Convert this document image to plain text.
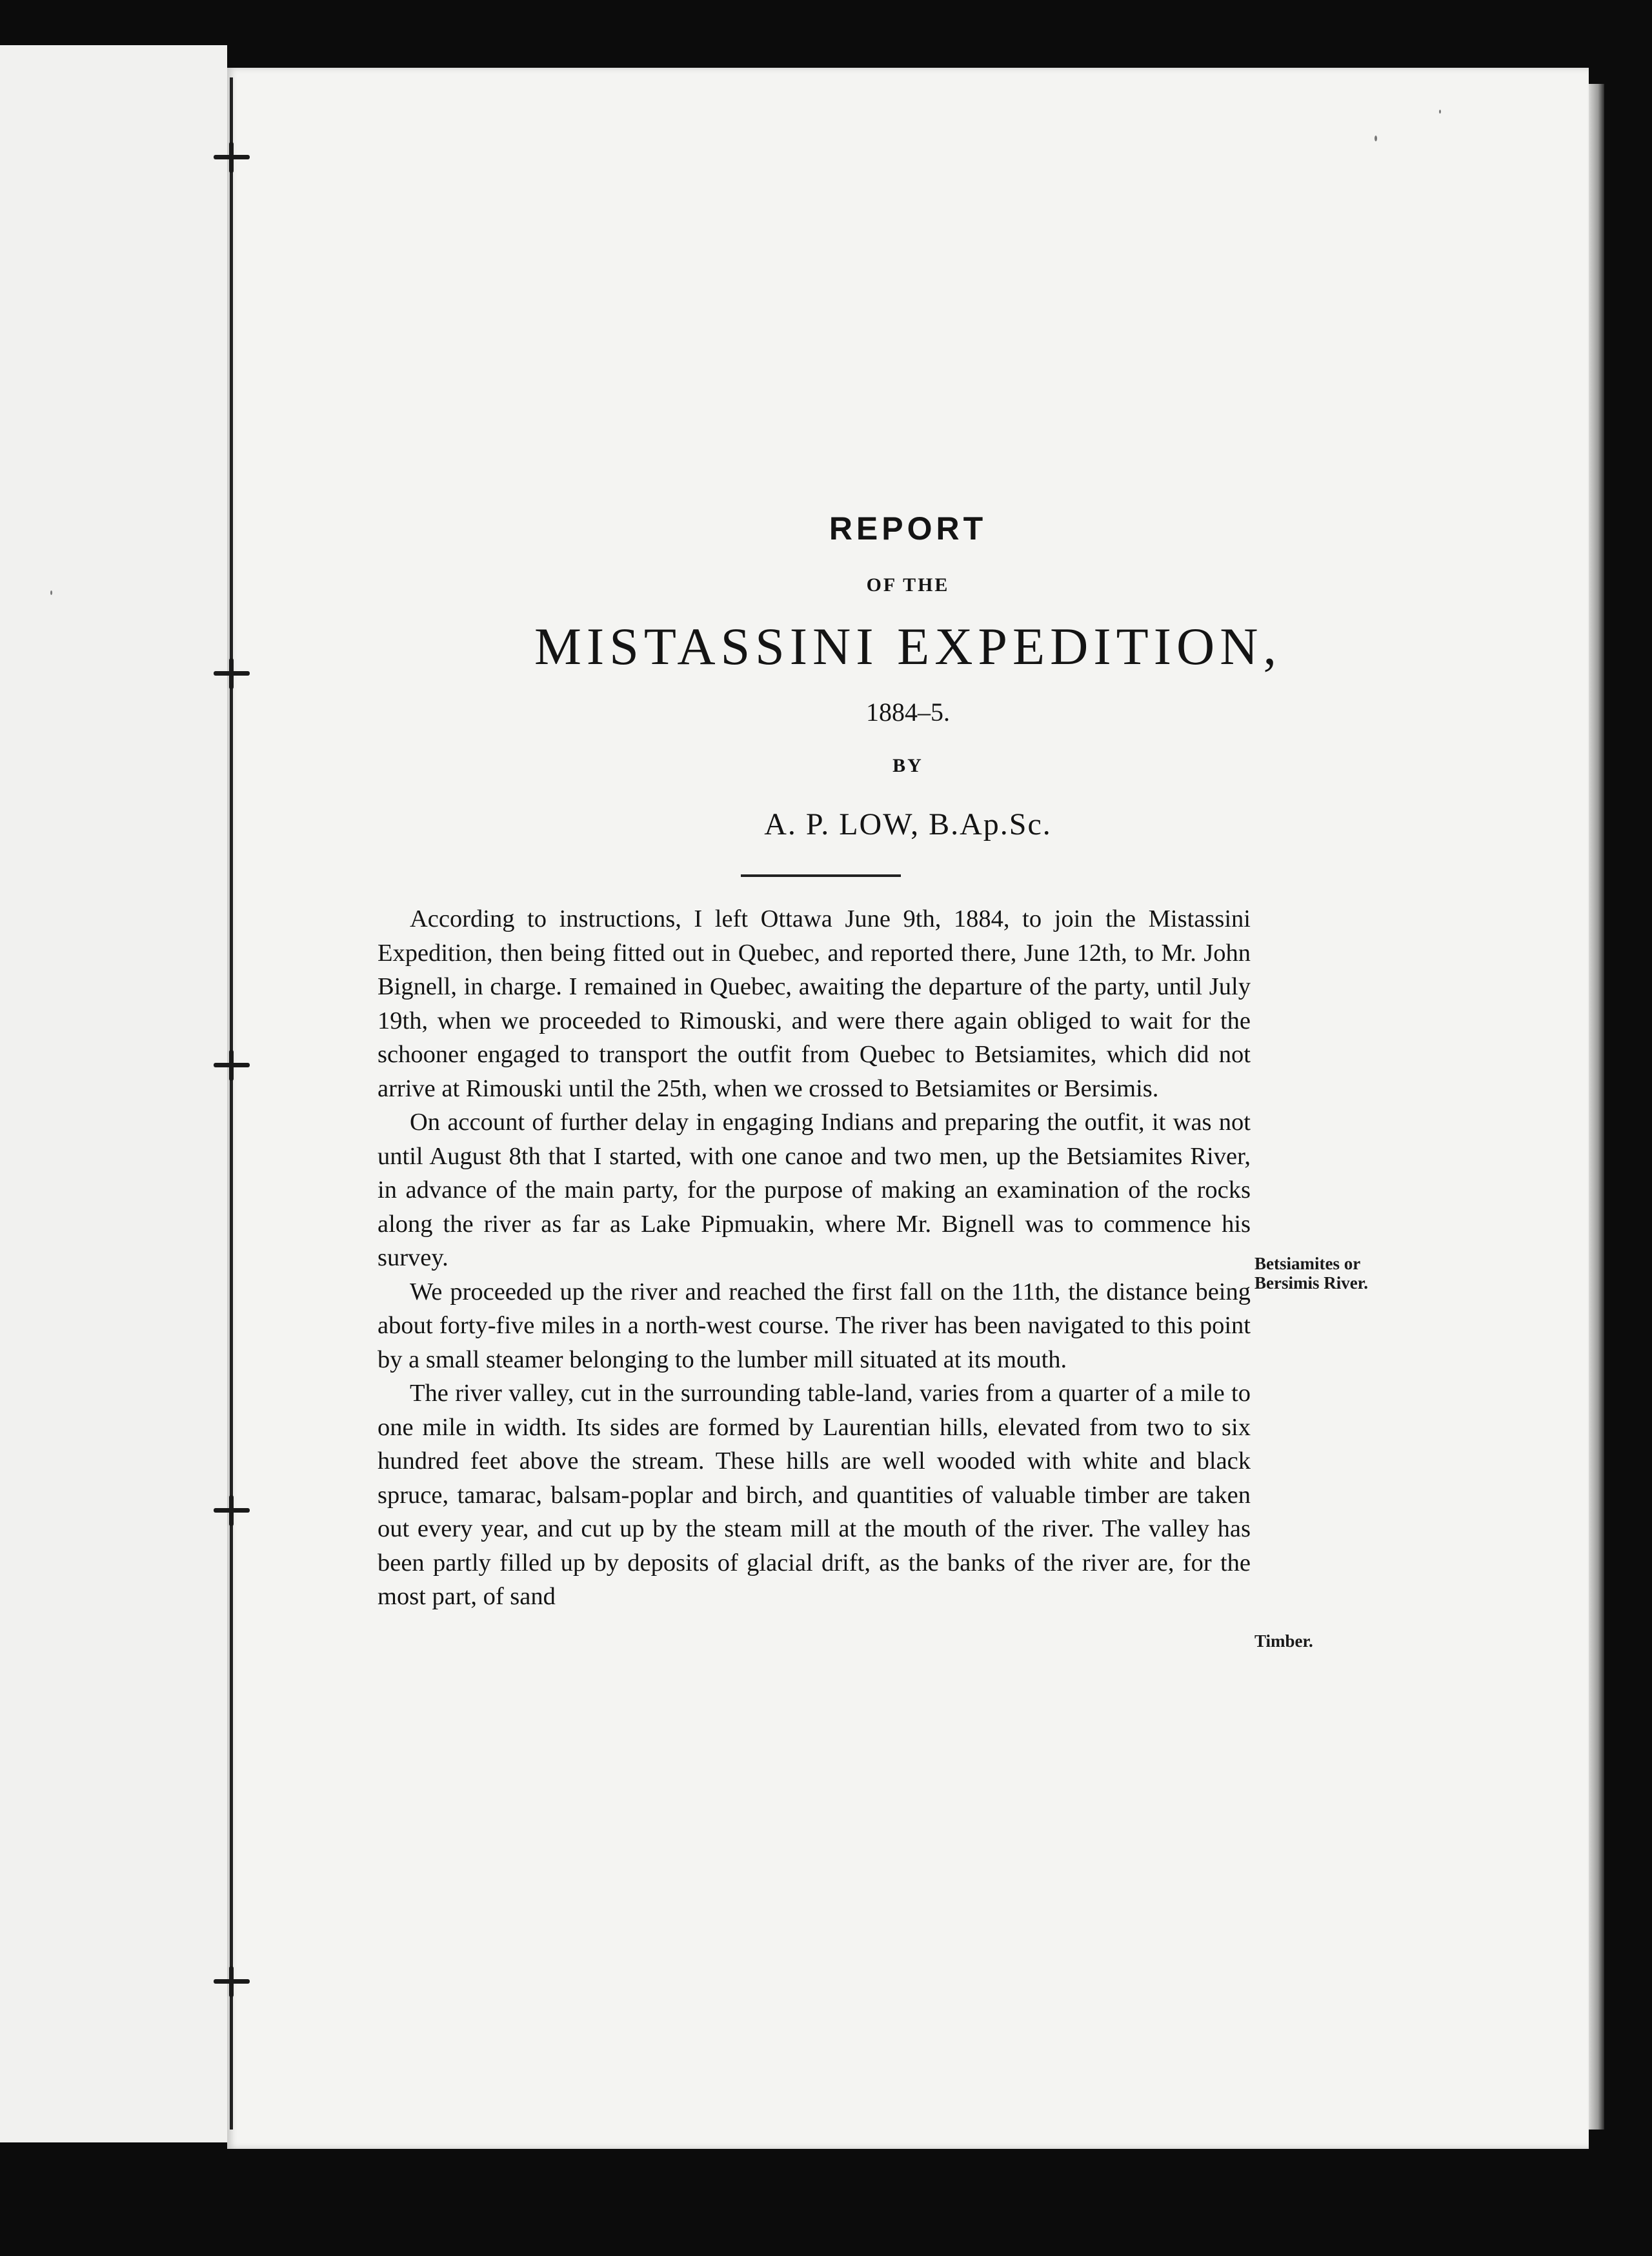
REPORT
OF THE
MISTASSINI EXPEDITION,
1884–5.
BY
A. P. LOW, B.Ap.Sc.

According to instructions, I left Ottawa June 9th, 1884, to join the Mistassini Expedition, then being fitted out in Quebec, and reported there, June 12th, to Mr. John Bignell, in charge. I remained in Quebec, awaiting the departure of the party, until July 19th, when we proceeded to Rimouski, and were there again obliged to wait for the schooner engaged to transport the outfit from Quebec to Betsiamites, which did not arrive at Rimouski until the 25th, when we crossed to Betsiamites or Bersimis.

On account of further delay in engaging Indians and preparing the outfit, it was not until August 8th that I started, with one canoe and two men, up the Betsiamites River, in advance of the main party, for the purpose of making an examination of the rocks along the river as far as Lake Pipmuakin, where Mr. Bignell was to commence his survey.

We proceeded up the river and reached the first fall on the 11th, the distance being about forty-five miles in a north-west course. The river has been navigated to this point by a small steamer belonging to the lumber mill situated at its mouth.

The river valley, cut in the surrounding table-land, varies from a quarter of a mile to one mile in width. Its sides are formed by Laurentian hills, elevated from two to six hundred feet above the stream. These hills are well wooded with white and black spruce, tamarac, balsam-poplar and birch, and quantities of valuable timber are taken out every year, and cut up by the steam mill at the mouth of the river. The valley has been partly filled up by deposits of glacial drift, as the banks of the river are, for the most part, of sand

Betsiamites or Bersimis River.
Timber.
